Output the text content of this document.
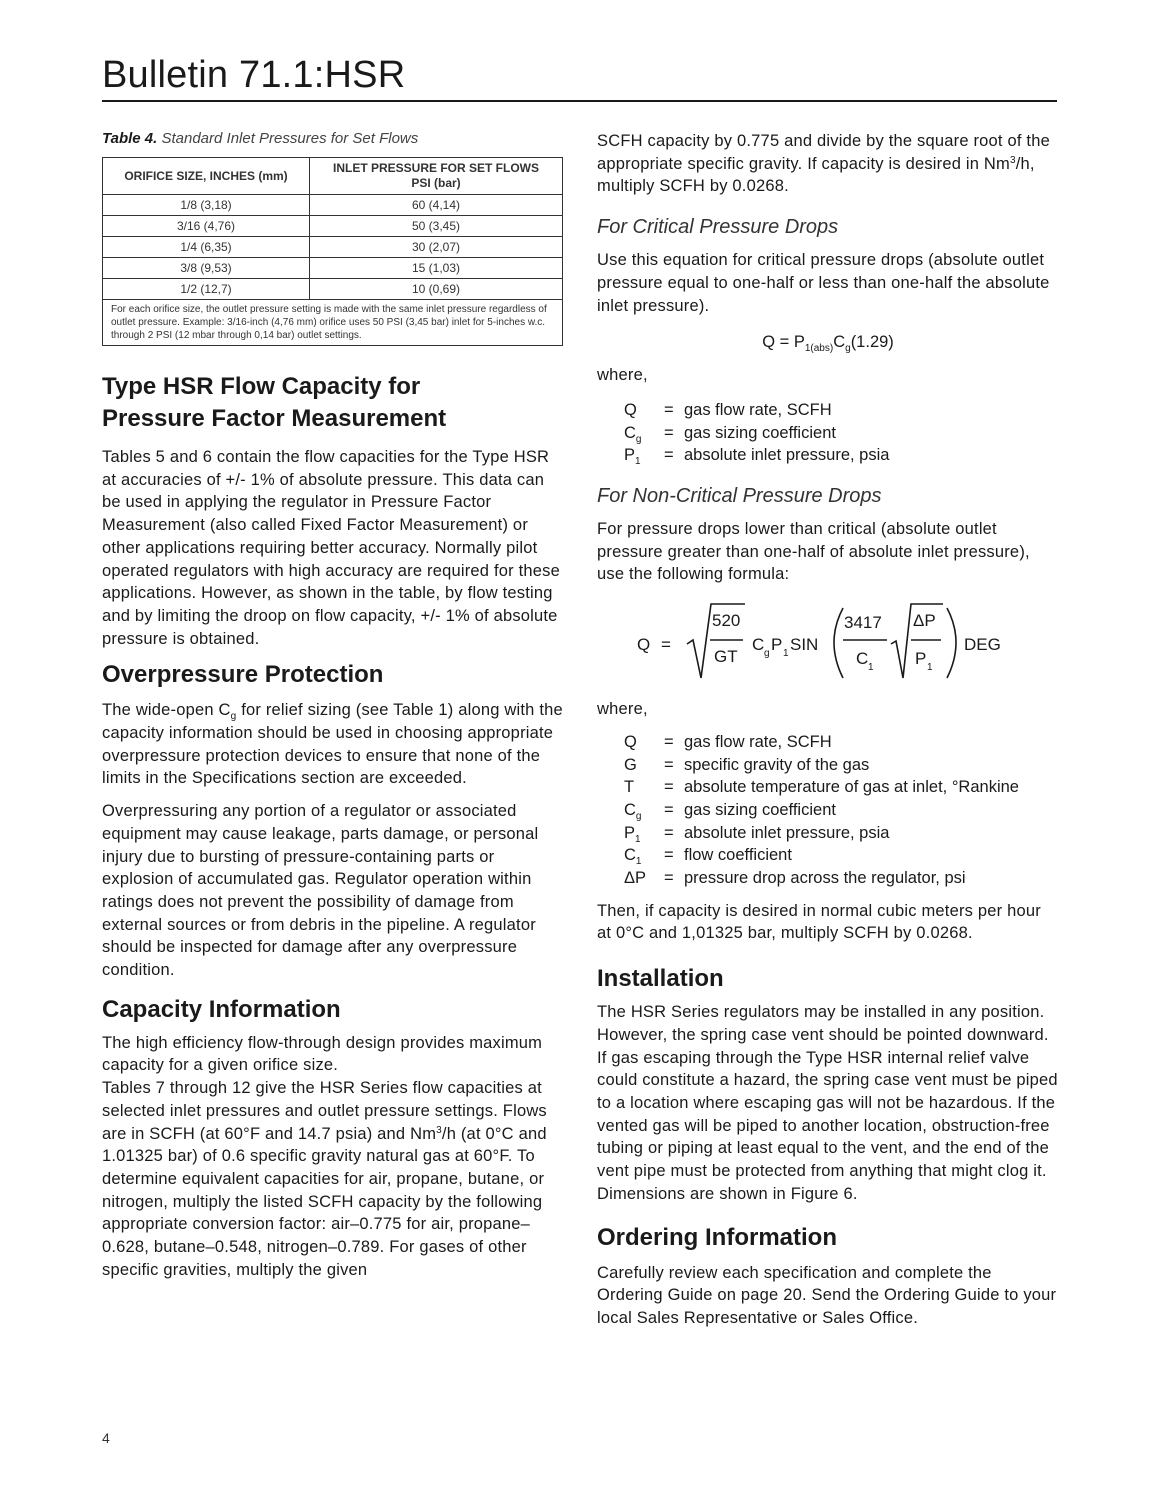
Bulletin 71.1:HSR
Table 4. Standard Inlet Pressures for Set Flows
ORIFICE SIZE, INCHES (mm)	INLET PRESSURE FOR SET FLOWS
PSI (bar)

1/8 (3,18)	60 (4,14)
3/16 (4,76)	50 (3,45)
1/4 (6,35)	30 (2,07)
3/8 (9,53)	15 (1,03)
1/2 (12,7)	10 (0,69)
For each orifice size, the outlet pressure setting is made with the same inlet pressure regardless of outlet pressure. Example: 3/16-inch (4,76 mm) orifice uses 50 PSI (3,45 bar) inlet for 5-inches w.c. through 2 PSI (12 mbar through 0,14 bar) outlet settings.	
Type HSR Flow Capacity for
Pressure Factor Measurement

Tables 5 and 6 contain the flow capacities for the Type HSR at accuracies of +/- 1% of absolute pressure. This data can be used in applying the regulator in Pressure Factor Measurement (also called Fixed Factor Measurement) or other applications requiring better accuracy. Normally pilot operated regulators with high accuracy are required for these applications. However, as shown in the table, by flow testing and by limiting the droop on flow capacity, +/- 1% of absolute pressure is obtained.

Overpressure Protection

The wide-open $C_g$ for relief sizing (see Table 1) along with the capacity information should be used in choosing appropriate overpressure protection devices to ensure that none of the limits in the Specifications section are exceeded.

Overpressuring any portion of a regulator or associated equipment may cause leakage, parts damage, or personal injury due to bursting of pressure-containing parts or explosion of accumulated gas. Regulator operation within ratings does not prevent the possibility of damage from external sources or from debris in the pipeline. A regulator should be inspected for damage after any overpressure condition.

Capacity Information

The high efficiency flow-through design provides maximum capacity for a given orifice size.
Tables 7 through 12 give the HSR Series flow capacities at selected inlet pressures and outlet pressure settings. Flows are in SCFH (at 60°F and 14.7 psia) and Nm$^3$/h (at 0°C and 1.01325 bar) of 0.6 specific gravity natural gas at 60°F. To determine equivalent capacities for air, propane, butane, or nitrogen, multiply the listed SCFH capacity by the following appropriate conversion factor: air–0.775 for air, propane–0.628, butane–0.548, nitrogen–0.789. For gases of other specific gravities, multiply the given

SCFH capacity by 0.775 and divide by the square root of the appropriate specific gravity. If capacity is desired in Nm$^3$/h, multiply SCFH by 0.0268.

For Critical Pressure Drops

Use this equation for critical pressure drops (absolute outlet pressure equal to one-half or less than one-half the absolute inlet pressure).

$Q = P_{1(abs)}C_g(1.29)$

where,

Q	= gas flow rate, SCFH
$C_g$	= gas sizing coefficient
$P_1$	= absolute inlet pressure, psia
For Non-Critical Pressure Drops

For pressure drops lower than critical (absolute outlet pressure greater than one-half of absolute inlet pressure), use the following formula:

Q =
520
GT
C g P 1 SIN
3417
C 1
ΔP
P 1
DEG

where,

Q	= gas flow rate, SCFH
G	= specific gravity of the gas
T	= absolute temperature of gas at inlet, °Rankine
$C_g$	= gas sizing coefficient
$P_1$	= absolute inlet pressure, psia
$C_1$	= flow coefficient
ΔP	= pressure drop across the regulator, psi

Then, if capacity is desired in normal cubic meters per hour at 0°C and 1,01325 bar, multiply SCFH by 0.0268.

Installation

The HSR Series regulators may be installed in any position. However, the spring case vent should be pointed downward. If gas escaping through the Type HSR internal relief valve could constitute a hazard, the spring case vent must be piped to a location where escaping gas will not be hazardous. If the vented gas will be piped to another location, obstruction-free tubing or piping at least equal to the vent, and the end of the vent pipe must be protected from anything that might clog it. Dimensions are shown in Figure 6.

Ordering Information

Carefully review each specification and complete the Ordering Guide on page 20. Send the Ordering Guide to your local Sales Representative or Sales Office.

4
